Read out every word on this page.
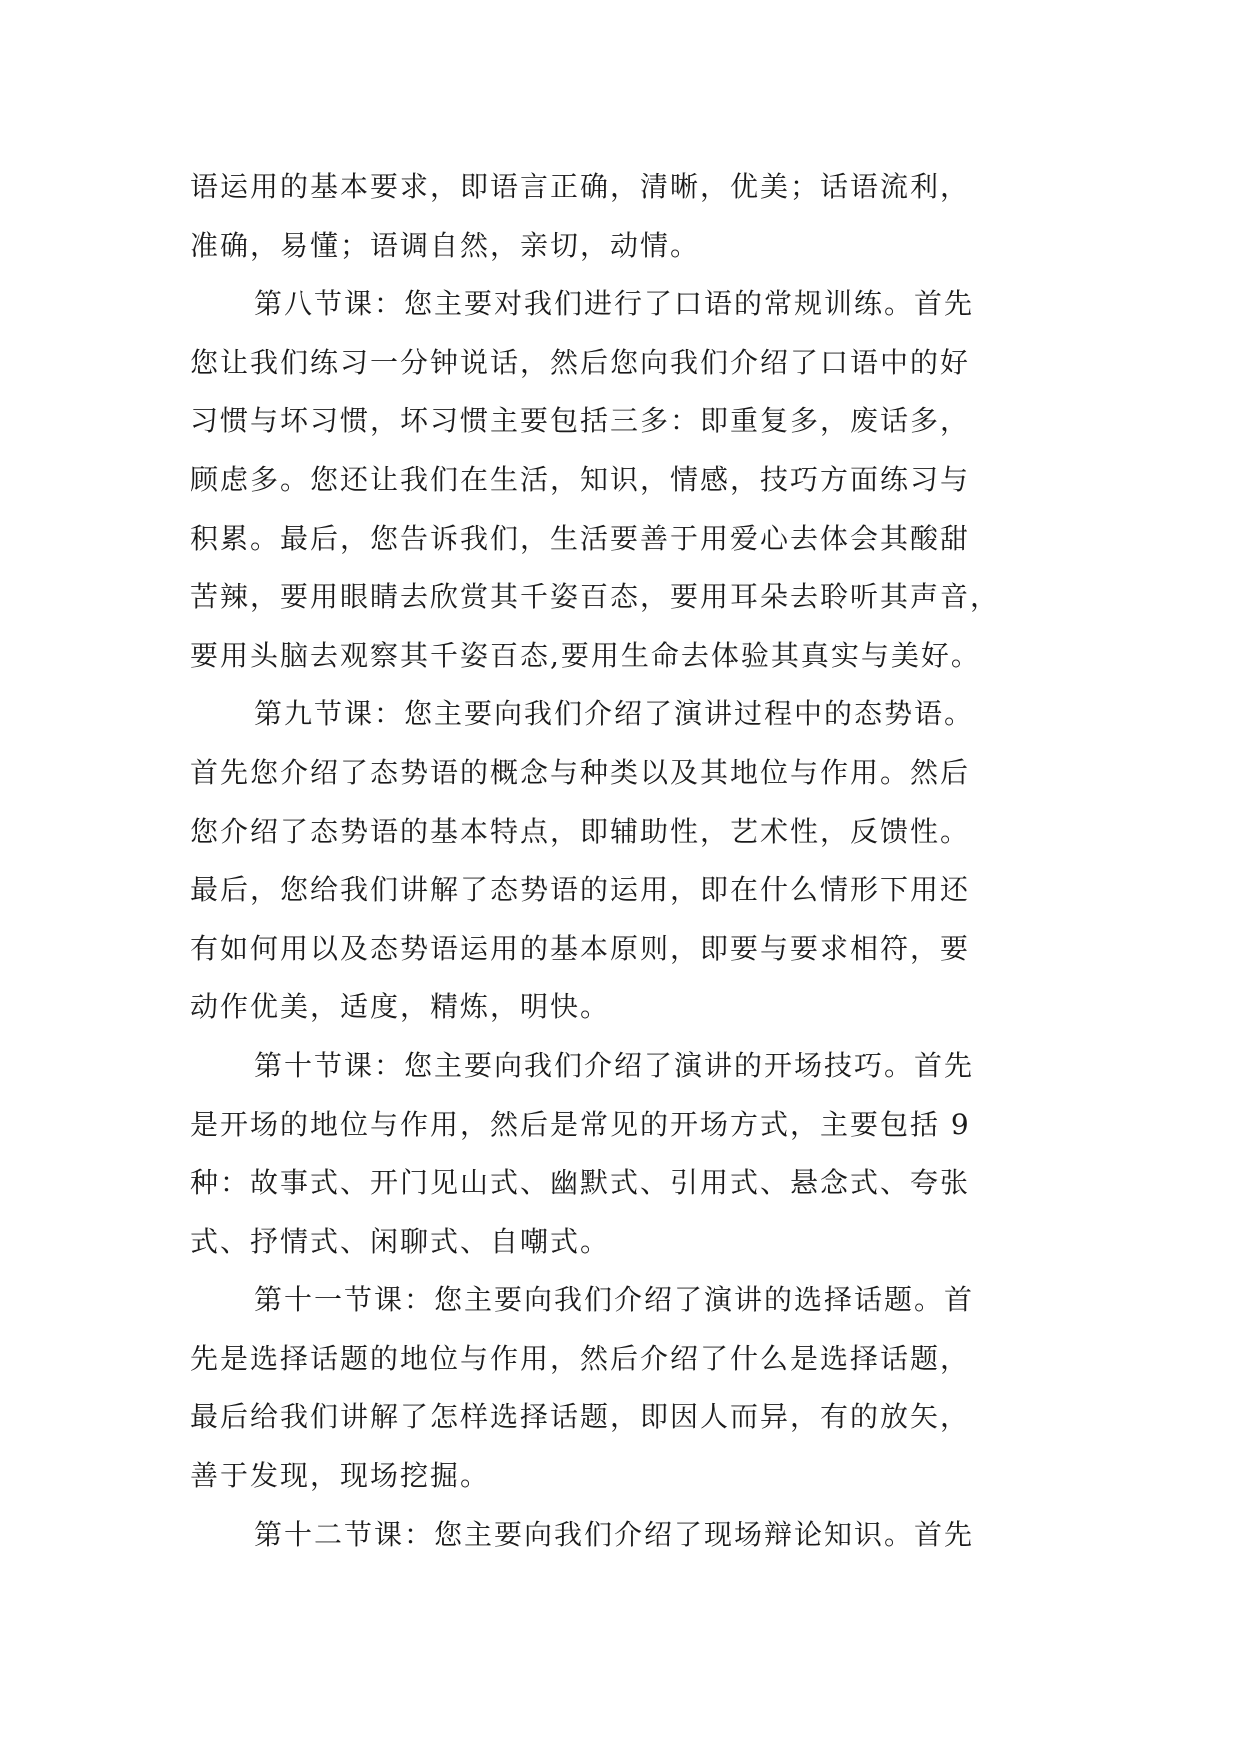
语运用的基本要求，即语言正确，清晰，优美；话语流利，
准确，易懂；语调自然，亲切，动情。
第八节课：您主要对我们进行了口语的常规训练。首先
您让我们练习一分钟说话，然后您向我们介绍了口语中的好
习惯与坏习惯，坏习惯主要包括三多：即重复多，废话多，
顾虑多。您还让我们在生活，知识，情感，技巧方面练习与
积累。最后，您告诉我们，生活要善于用爱心去体会其酸甜
苦辣，要用眼睛去欣赏其千姿百态，要用耳朵去聆听其声音，
要用头脑去观察其千姿百态,要用生命去体验其真实与美好。
第九节课：您主要向我们介绍了演讲过程中的态势语。
首先您介绍了态势语的概念与种类以及其地位与作用。然后
您介绍了态势语的基本特点，即辅助性，艺术性，反馈性。
最后，您给我们讲解了态势语的运用，即在什么情形下用还
有如何用以及态势语运用的基本原则，即要与要求相符，要
动作优美，适度，精炼，明快。
第十节课：您主要向我们介绍了演讲的开场技巧。首先
是开场的地位与作用，然后是常见的开场方式，主要包括 9
种：故事式、开门见山式、幽默式、引用式、悬念式、夸张
式、抒情式、闲聊式、自嘲式。
第十一节课：您主要向我们介绍了演讲的选择话题。首
先是选择话题的地位与作用，然后介绍了什么是选择话题，
最后给我们讲解了怎样选择话题，即因人而异，有的放矢，
善于发现，现场挖掘。
第十二节课：您主要向我们介绍了现场辩论知识。首先
